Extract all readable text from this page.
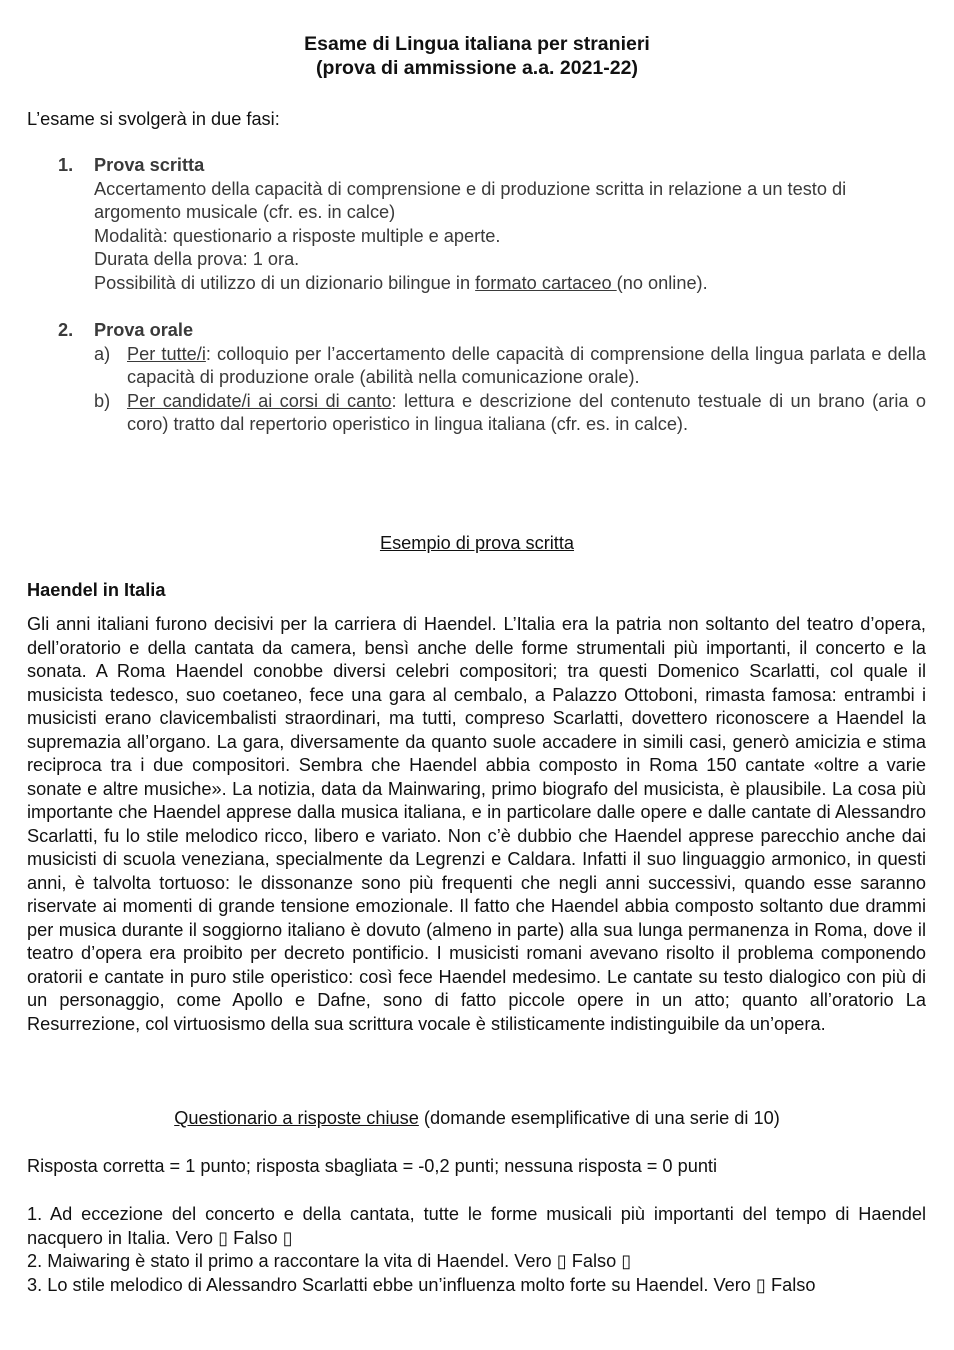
Esame di Lingua italiana per stranieri
(prova di ammissione a.a. 2021-22)
L’esame si svolgerà in due fasi:
1. Prova scritta
Accertamento della capacità di comprensione e di produzione scritta in relazione a un testo di argomento musicale (cfr. es. in calce)
Modalità: questionario a risposte multiple e aperte.
Durata della prova: 1 ora.
Possibilità di utilizzo di un dizionario bilingue in formato cartaceo (no online).
2. Prova orale
a) Per tutte/i: colloquio per l’accertamento delle capacità di comprensione della lingua parlata e della capacità di produzione orale (abilità nella comunicazione orale).
b) Per candidate/i ai corsi di canto: lettura e descrizione del contenuto testuale di un brano (aria o coro) tratto dal repertorio operistico in lingua italiana (cfr. es. in calce).
Esempio di prova scritta
Haendel in Italia
Gli anni italiani furono decisivi per la carriera di Haendel. L’Italia era la patria non soltanto del teatro d’opera, dell’oratorio e della cantata da camera, bensì anche delle forme strumentali più importanti, il concerto e la sonata. A Roma Haendel conobbe diversi celebri compositori; tra questi Domenico Scarlatti, col quale il musicista tedesco, suo coetaneo, fece una gara al cembalo, a Palazzo Ottoboni, rimasta famosa: entrambi i musicisti erano clavicembalisti straordinari, ma tutti, compreso Scarlatti, dovettero riconoscere a Haendel la supremazia all’organo. La gara, diversamente da quanto suole accadere in simili casi, generò amicizia e stima reciproca tra i due compositori. Sembra che Haendel abbia composto in Roma 150 cantate «oltre a varie sonate e altre musiche». La notizia, data da Mainwaring, primo biografo del musicista, è plausibile. La cosa più importante che Haendel apprese dalla musica italiana, e in particolare dalle opere e dalle cantate di Alessandro Scarlatti, fu lo stile melodico ricco, libero e variato. Non c’è dubbio che Haendel apprese parecchio anche dai musicisti di scuola veneziana, specialmente da Legrenzi e Caldara. Infatti il suo linguaggio armonico, in questi anni, è talvolta tortuoso: le dissonanze sono più frequenti che negli anni successivi, quando esse saranno riservate ai momenti di grande tensione emozionale. Il fatto che Haendel abbia composto soltanto due drammi per musica durante il soggiorno italiano è dovuto (almeno in parte) alla sua lunga permanenza in Roma, dove il teatro d’opera era proibito per decreto pontificio. I musicisti romani avevano risolto il problema componendo oratorii e cantate in puro stile operistico: così fece Haendel medesimo. Le cantate su testo dialogico con più di un personaggio, come Apollo e Dafne, sono di fatto piccole opere in un atto; quanto all’oratorio La Resurrezione, col virtuosismo della sua scrittura vocale è stilisticamente indistinguibile da un’opera.
Questionario a risposte chiuse (domande esemplificative di una serie di 10)
Risposta corretta = 1 punto; risposta sbagliata = -0,2 punti; nessuna risposta = 0 punti
1. Ad eccezione del concerto e della cantata, tutte le forme musicali più importanti del tempo di Haendel nacquero in Italia. Vero ▯ Falso ▯
2. Maiwaring è stato il primo a raccontare la vita di Haendel. Vero ▯ Falso ▯
3. Lo stile melodico di Alessandro Scarlatti ebbe un’influenza molto forte su Haendel. Vero ▯ Falso
